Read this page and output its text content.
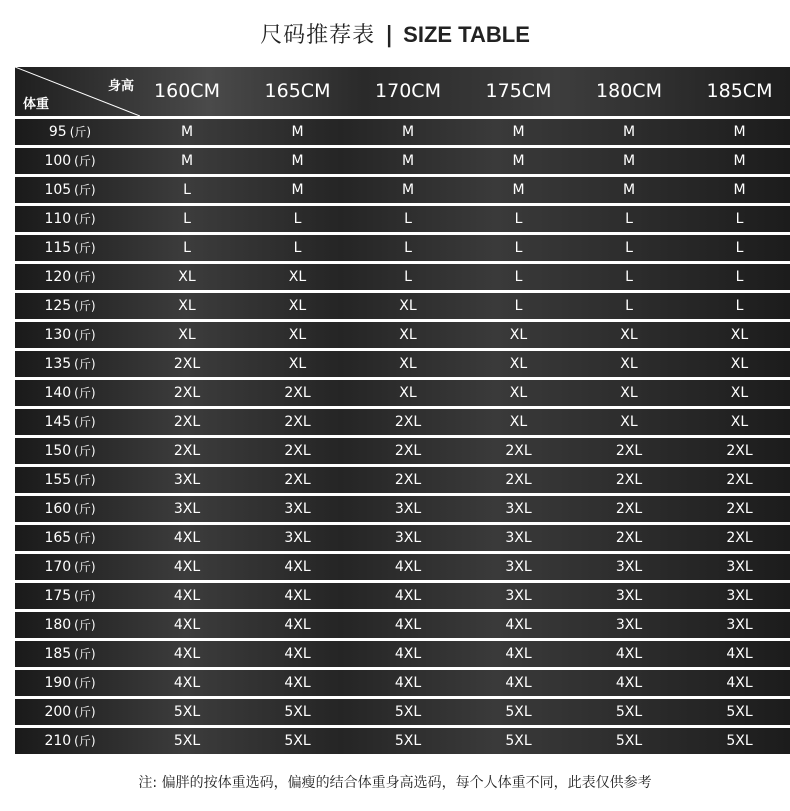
尺码推荐表 | SIZE TABLE
身高
体重
160CM	165CM	170CM	175CM	180CM	185CM
95 (斤)	M	M	M	M	M	M
100 (斤)	M	M	M	M	M	M
105 (斤)	L	M	M	M	M	M
110 (斤)	L	L	L	L	L	L
115 (斤)	L	L	L	L	L	L
120 (斤)	XL	XL	L	L	L	L
125 (斤)	XL	XL	XL	L	L	L
130 (斤)	XL	XL	XL	XL	XL	XL
135 (斤)	2XL	XL	XL	XL	XL	XL
140 (斤)	2XL	2XL	XL	XL	XL	XL
145 (斤)	2XL	2XL	2XL	XL	XL	XL
150 (斤)	2XL	2XL	2XL	2XL	2XL	2XL
155 (斤)	3XL	2XL	2XL	2XL	2XL	2XL
160 (斤)	3XL	3XL	3XL	3XL	2XL	2XL
165 (斤)	4XL	3XL	3XL	3XL	2XL	2XL
170 (斤)	4XL	4XL	4XL	3XL	3XL	3XL
175 (斤)	4XL	4XL	4XL	3XL	3XL	3XL
180 (斤)	4XL	4XL	4XL	4XL	3XL	3XL
185 (斤)	4XL	4XL	4XL	4XL	4XL	4XL
190 (斤)	4XL	4XL	4XL	4XL	4XL	4XL
200 (斤)	5XL	5XL	5XL	5XL	5XL	5XL
210 (斤)	5XL	5XL	5XL	5XL	5XL	5XL
注: 偏胖的按体重选码，偏瘦的结合体重身高选码，每个人体重不同，此表仅供参考
